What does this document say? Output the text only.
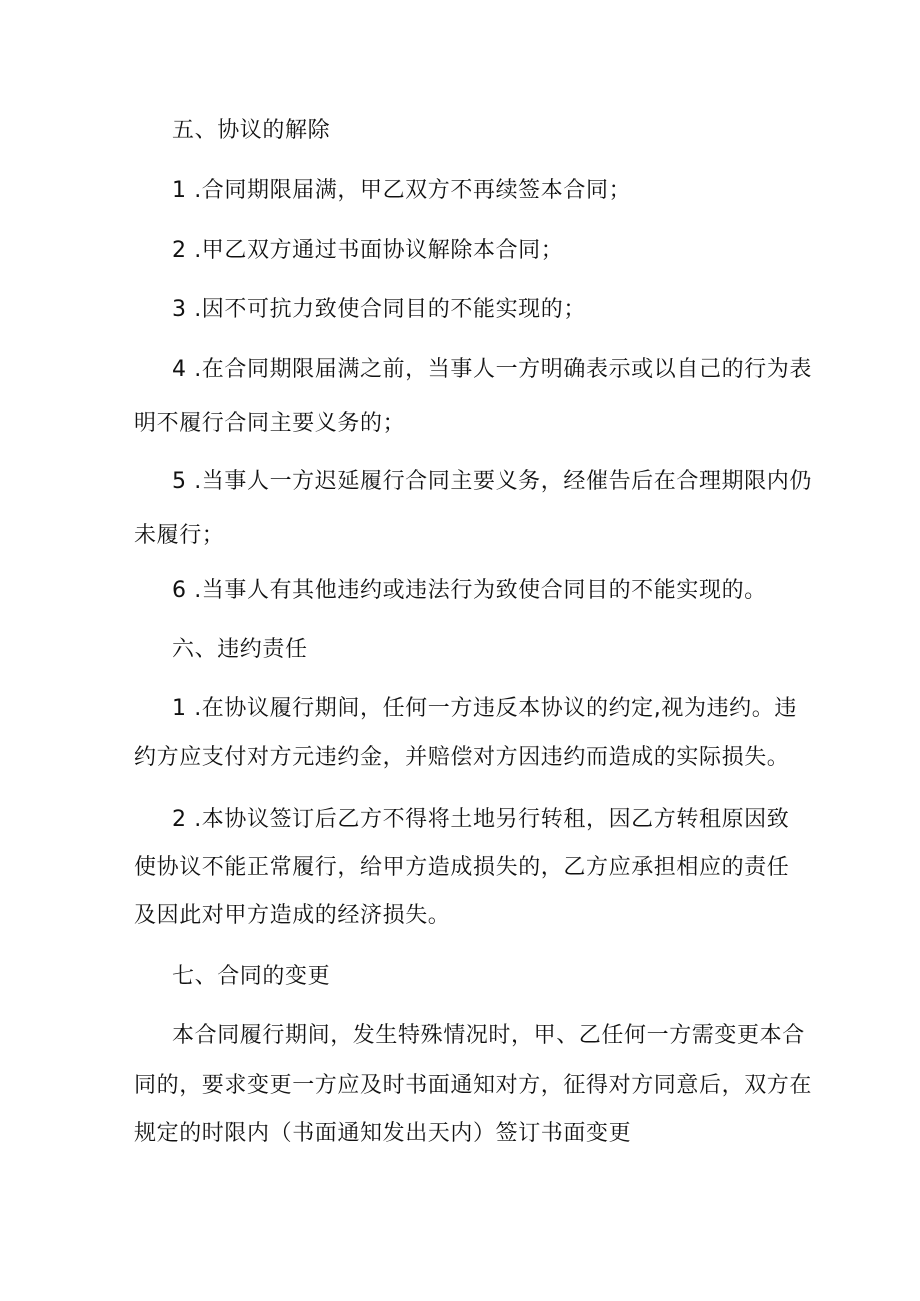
五、协议的解除
1 .合同期限届满，甲乙双方不再续签本合同；
2 .甲乙双方通过书面协议解除本合同；
3 .因不可抗力致使合同目的不能实现的；
4 .在合同期限届满之前，当事人一方明确表示或以自己的行为表
明不履行合同主要义务的；
5 .当事人一方迟延履行合同主要义务，经催告后在合理期限内仍
未履行；
6 .当事人有其他违约或违法行为致使合同目的不能实现的。
六、违约责任
1 .在协议履行期间，任何一方违反本协议的约定,视为违约。违
约方应支付对方元违约金，并赔偿对方因违约而造成的实际损失。
2 .本协议签订后乙方不得将土地另行转租，因乙方转租原因致
使协议不能正常履行，给甲方造成损失的，乙方应承担相应的责任
及因此对甲方造成的经济损失。
七、合同的变更
本合同履行期间，发生特殊情况时，甲、乙任何一方需变更本合
同的，要求变更一方应及时书面通知对方，征得对方同意后，双方在
规定的时限内（书面通知发出天内）签订书面变更
